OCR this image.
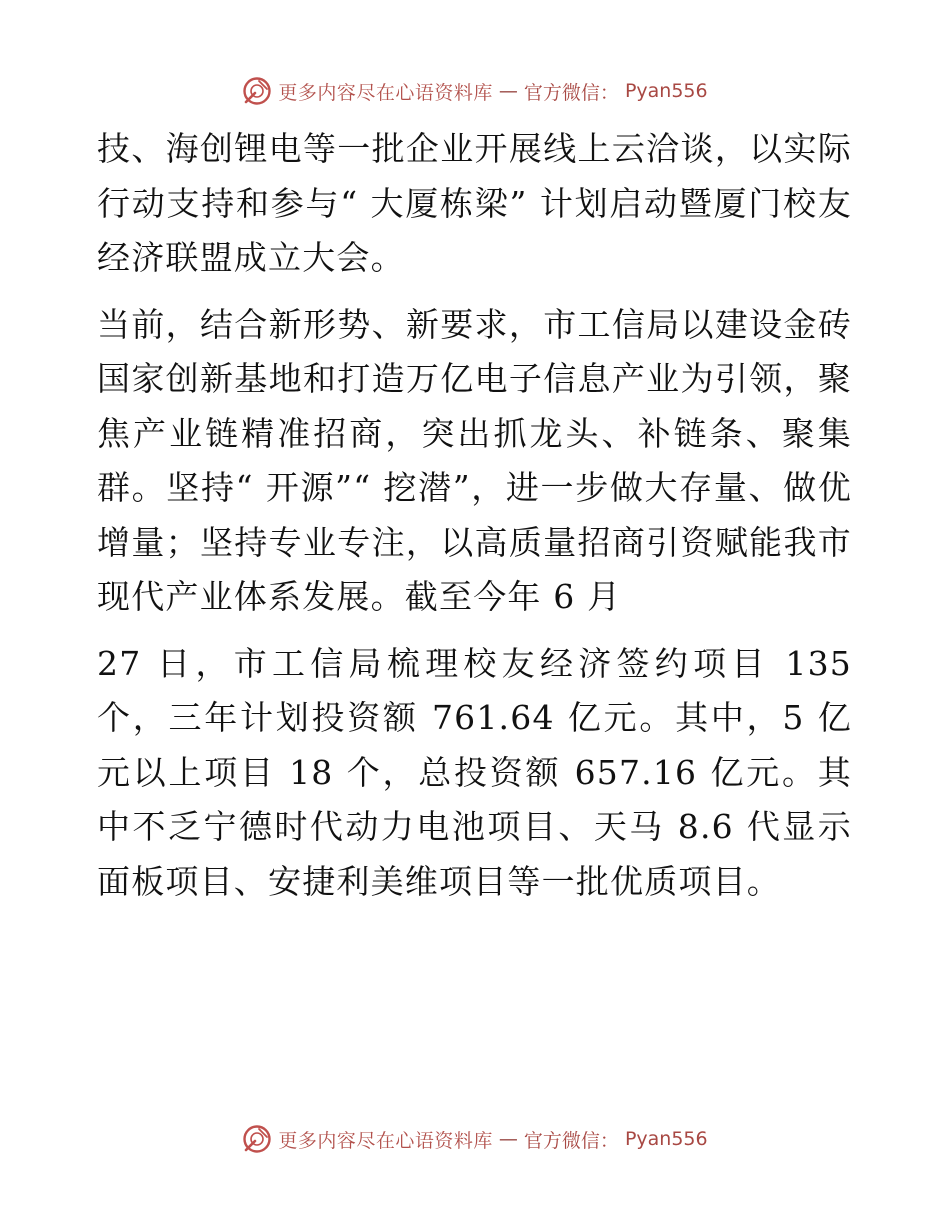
更多内容尽在心语资料库 — 官方微信： Pyan556

技、海创锂电等一批企业开展线上云洽谈，以实际行动支持和参与“ 大厦栋梁” 计划启动暨厦门校友经济联盟成立大会。

当前，结合新形势、新要求，市工信局以建设金砖国家创新基地和打造万亿电子信息产业为引领，聚焦产业链精准招商，突出抓龙头、补链条、聚集群。坚持“ 开源”“ 挖潜”，进一步做大存量、做优增量；坚持专业专注，以高质量招商引资赋能我市现代产业体系发展。截至今年 6 月

27 日，市工信局梳理校友经济签约项目 135 个，三年计划投资额 761.64 亿元。其中，5 亿元以上项目 18 个，总投资额 657.16 亿元。其中不乏宁德时代动力电池项目、天马 8.6 代显示面板项目、安捷利美维项目等一批优质项目。

更多内容尽在心语资料库 — 官方微信： Pyan556
